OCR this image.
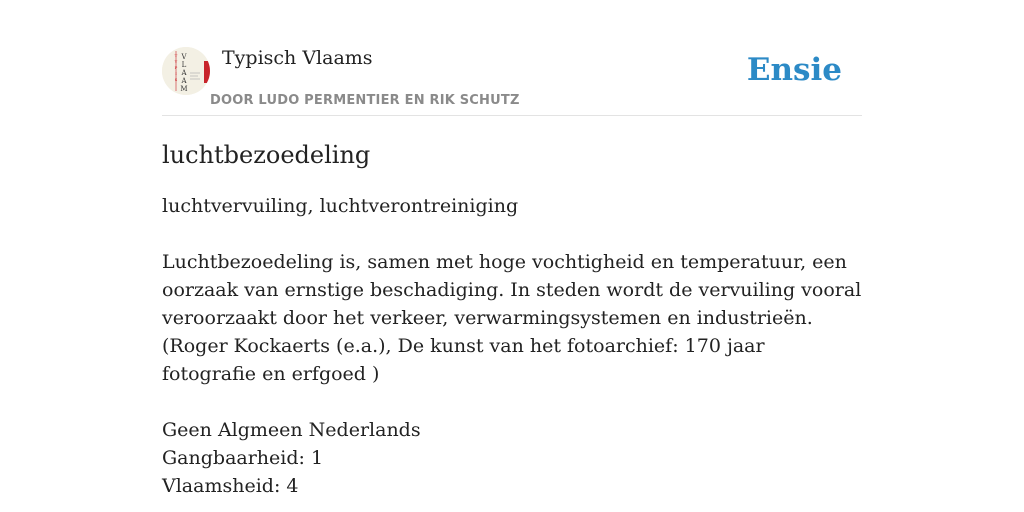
T
Y
P
I
S
V
L
A
A
M
Typisch Vlaams
DOOR LUDO PERMENTIER EN RIK SCHUTZ
Ensie
luchtbezoedeling

luchtvervuiling, luchtverontreiniging

Luchtbezoedeling is, samen met hoge vochtigheid en temperatuur, een oorzaak van ernstige beschadiging. In steden wordt de vervuiling vooral veroorzaakt door het verkeer, verwarmingsystemen en industrieën.

(Roger Kockaerts (e.a.), De kunst van het fotoarchief: 170 jaar fotografie en erfgoed )

Geen Algmeen Nederlands

Gangbaarheid: 1

Vlaamsheid: 4
